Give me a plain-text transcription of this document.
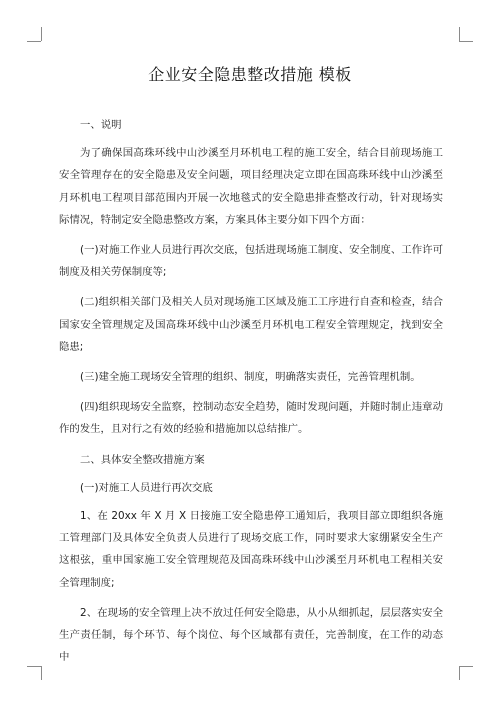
企业安全隐患整改措施 模板

一、说明

为了确保国高珠环线中山沙溪至月环机电工程的施工安全，结合目前现场施工安全管理存在的安全隐患及安全问题，项目经理决定立即在国高珠环线中山沙溪至月环机电工程项目部范围内开展一次地毯式的安全隐患排查整改行动，针对现场实际情况，特制定安全隐患整改方案，方案具体主要分如下四个方面：

(一)对施工作业人员进行再次交底，包括进现场施工制度、安全制度、工作许可制度及相关劳保制度等;

(二)组织相关部门及相关人员对现场施工区域及施工工序进行自查和检查，结合国家安全管理规定及国高珠环线中山沙溪至月环机电工程安全管理规定，找到安全隐患;

(三)建全施工现场安全管理的组织、制度，明确落实责任，完善管理机制。

(四)组织现场安全监察，控制动态安全趋势，随时发现问题，并随时制止违章动作的发生，且对行之有效的经验和措施加以总结推广。

二、具体安全整改措施方案

(一)对施工人员进行再次交底

1、在 20xx 年 X 月 X 日接施工安全隐患停工通知后，我项目部立即组织各施工管理部门及具体安全负责人员进行了现场交底工作，同时要求大家绷紧安全生产这根弦，重申国家施工安全管理规范及国高珠环线中山沙溪至月环机电工程相关安全管理制度;

2、在现场的安全管理上决不放过任何安全隐患，从小从细抓起，层层落实安全生产责任制，每个环节、每个岗位、每个区域都有责任，完善制度，在工作的动态中
